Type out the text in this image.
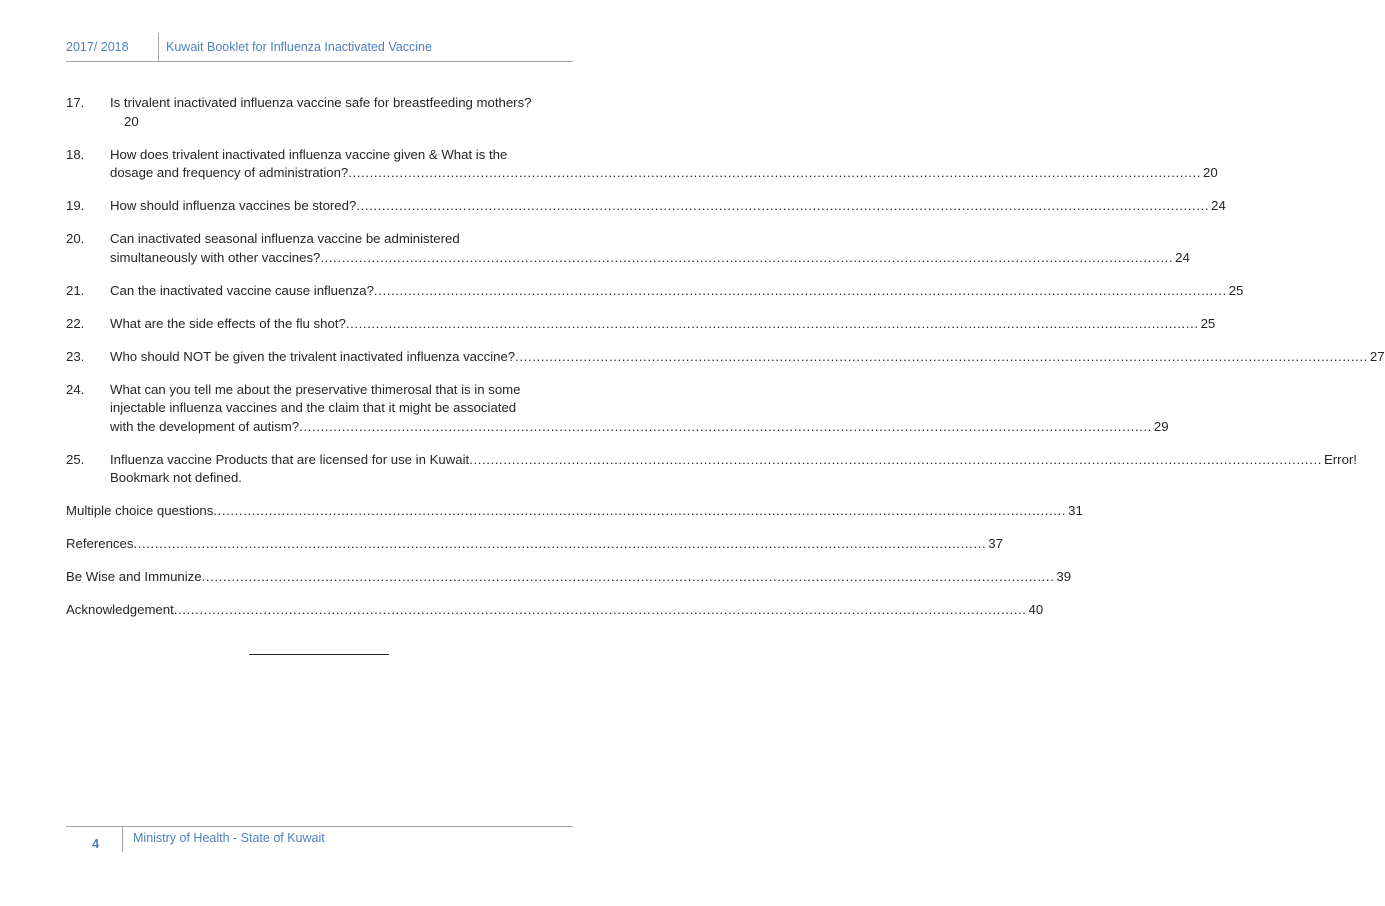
2017/ 2018	Kuwait Booklet for Influenza Inactivated Vaccine
17.	Is trivalent inactivated influenza vaccine safe for breastfeeding mothers?
20
18.	How does trivalent inactivated influenza vaccine given & What is the
dosage and frequency of administration? ........................................................................................................................................................................................................ 20
19.	How should influenza vaccines be stored? ........................................................................................................................................................................................................ 24
20.	Can inactivated seasonal influenza vaccine be administered
simultaneously with other vaccines? ........................................................................................................................................................................................................ 24
21.	Can the inactivated vaccine cause influenza? ........................................................................................................................................................................................................ 25
22.	What are the side effects of the flu shot? ........................................................................................................................................................................................................ 25
23.	Who should NOT be given the trivalent inactivated influenza vaccine? ........................................................................................................................................................................................................ 27
24.	What can you tell me about the preservative thimerosal that is in some
injectable influenza vaccines and the claim that it might be associated
with the development of autism? ........................................................................................................................................................................................................ 29
25.	Influenza vaccine Products that are licensed for use in Kuwait ........................................................................................................................................................................................................ Error!
Bookmark not defined.
Multiple choice questions ........................................................................................................................................................................................................ 31
References ........................................................................................................................................................................................................ 37
Be Wise and Immunize ........................................................................................................................................................................................................ 39
Acknowledgement ........................................................................................................................................................................................................ 40
4	Ministry of Health - State of Kuwait
